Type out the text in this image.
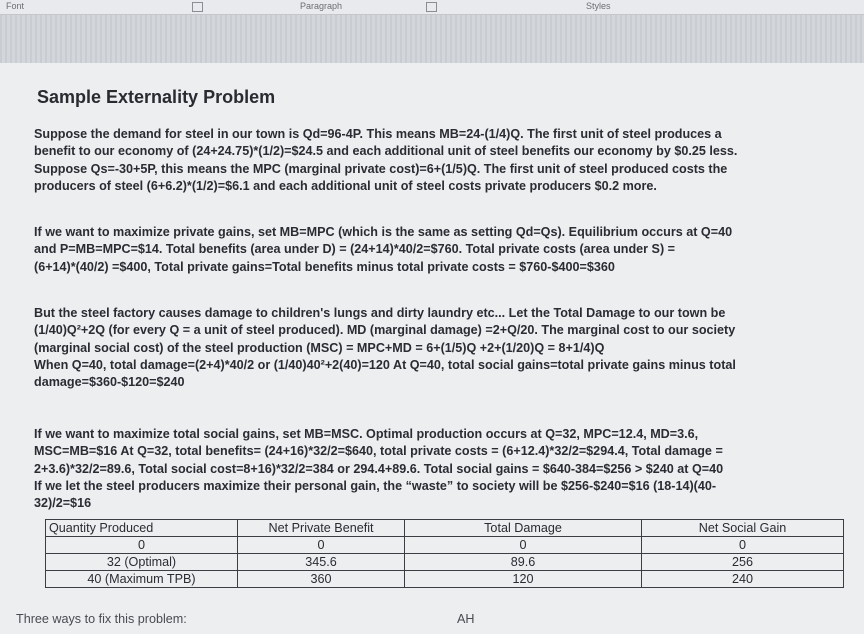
Font	Paragraph	Styles
Sample Externality Problem

Suppose the demand for steel in our town is Qd=96-4P. This means MB=24-(1/4)Q. The first unit of steel produces a
benefit to our economy of (24+24.75)*(1/2)=$24.5 and each additional unit of steel benefits our economy by $0.25 less.
Suppose Qs=-30+5P, this means the MPC (marginal private cost)=6+(1/5)Q. The first unit of steel produced costs the
producers of steel (6+6.2)*(1/2)=$6.1 and each additional unit of steel costs private producers $0.2 more.

If we want to maximize private gains, set MB=MPC (which is the same as setting Qd=Qs). Equilibrium occurs at Q=40
and P=MB=MPC=$14. Total benefits (area under D) = (24+14)*40/2=$760. Total private costs (area under S) =
(6+14)*(40/2) =$400, Total private gains=Total benefits minus total private costs = $760-$400=$360

But the steel factory causes damage to children's lungs and dirty laundry etc... Let the Total Damage to our town be
(1/40)Q²+2Q (for every Q = a unit of steel produced). MD (marginal damage) =2+Q/20. The marginal cost to our society
(marginal social cost) of the steel production (MSC) = MPC+MD = 6+(1/5)Q +2+(1/20)Q = 8+1/4)Q
When Q=40, total damage=(2+4)*40/2 or (1/40)40²+2(40)=120 At Q=40, total social gains=total private gains minus total
damage=$360-$120=$240

If we want to maximize total social gains, set MB=MSC. Optimal production occurs at Q=32, MPC=12.4, MD=3.6,
MSC=MB=$16 At Q=32, total benefits= (24+16)*32/2=$640, total private costs = (6+12.4)*32/2=$294.4, Total damage =
2+3.6)*32/2=89.6, Total social cost=8+16)*32/2=384 or 294.4+89.6. Total social gains = $640-384=$256 > $240 at Q=40
If we let the steel producers maximize their personal gain, the “waste” to society will be $256-$240=$16 (18-14)(40-
32)/2=$16

Quantity Produced	Net Private Benefit	Total Damage	Net Social Gain
0	0	0	0
32 (Optimal)	345.6	89.6	256
40 (Maximum TPB)	360	120	240
Three ways to fix this problem:	AH
